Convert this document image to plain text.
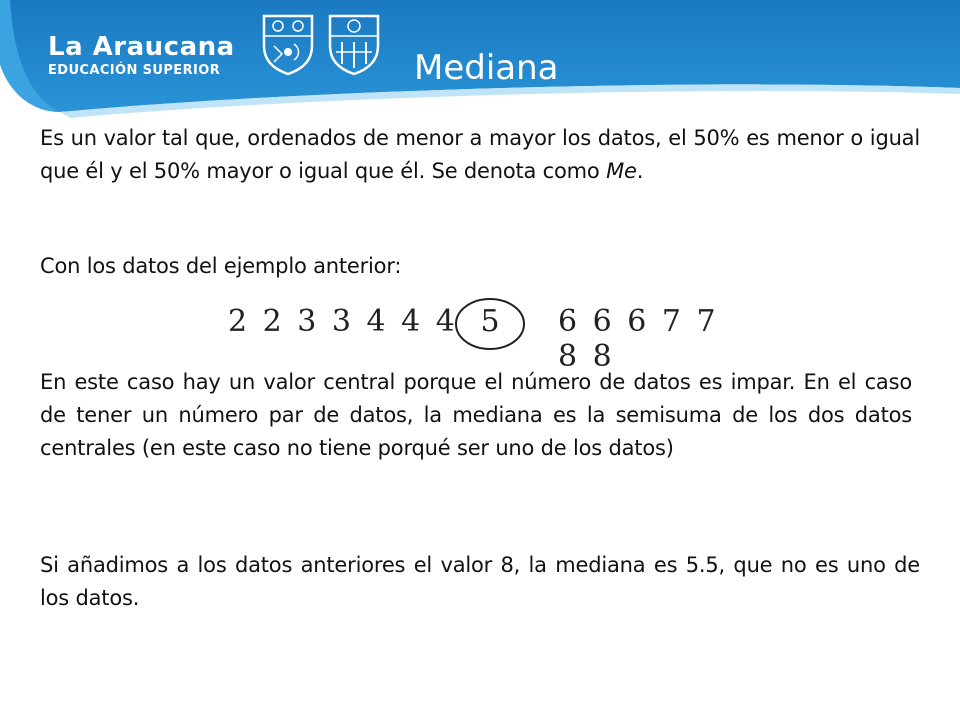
La Araucana
EDUCACIÓN SUPERIOR	Mediana

Es un valor tal que, ordenados de menor a mayor los datos, el 50% es menor o igual que él y el 50% mayor o igual que él. Se denota como Me.

Con los datos del ejemplo anterior:

2 2 3 3 4 4 4 5	6 6 6 7 7 8 8

En este caso hay un valor central porque el número de datos es impar. En el caso de tener un número par de datos, la mediana es la semisuma de los dos datos centrales (en este caso no tiene porqué ser uno de los datos)

Si añadimos a los datos anteriores el valor 8, la mediana es 5.5, que no es uno de los datos.
